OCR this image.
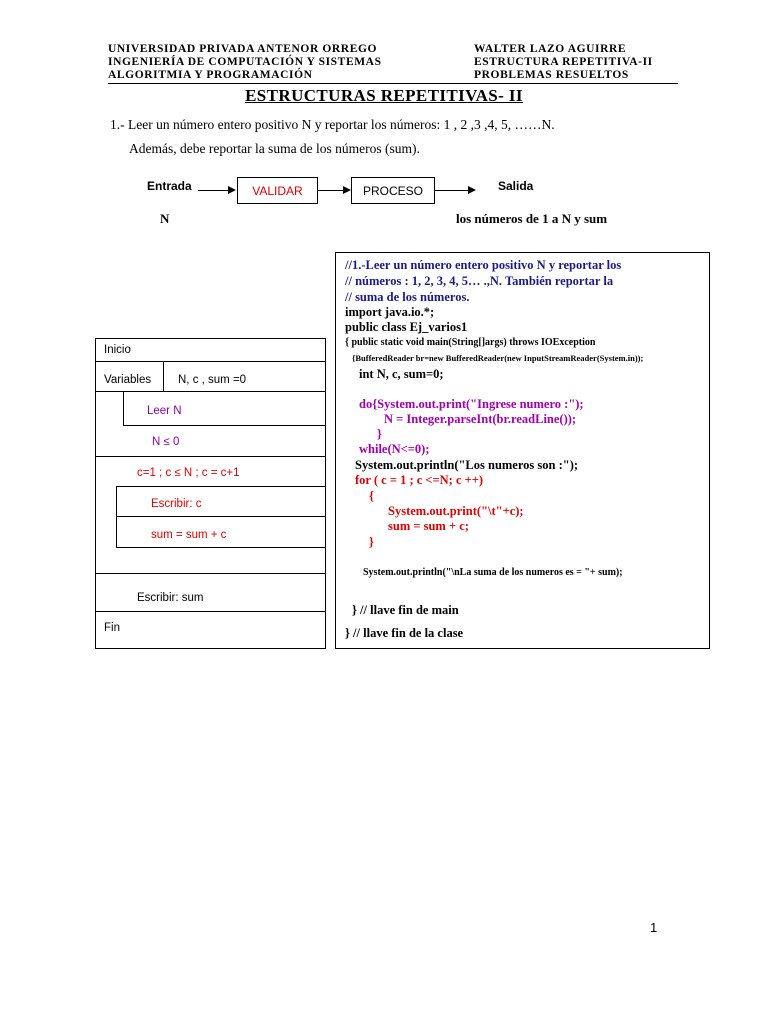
UNIVERSIDAD PRIVADA ANTENOR ORREGO
INGENIERÍA DE COMPUTACIÓN Y SISTEMAS
ALGORITMIA Y PROGRAMACIÓN
WALTER LAZO AGUIRRE
ESTRUCTURA REPETITIVA-II
PROBLEMAS RESUELTOS
ESTRUCTURAS REPETITIVAS- II
1.- Leer un número entero positivo N y reportar los números: 1 , 2 ,3 ,4, 5, ……N.
Además, debe reportar la suma de los números (sum).
Entrada	VALIDAR	PROCESO	Salida
N	los números de 1 a N y sum
Inicio
Variables N, c , sum =0
Leer N
N ≤ 0
c=1 ; c ≤ N ; c = c+1
Escribir: c
sum = sum + c
Escribir: sum
Fin
//1.-Leer un número entero positivo N y reportar los
// números : 1, 2, 3, 4, 5… .,N. También reportar la
// suma de los números.
import java.io.*;
public class Ej_varios1
{ public static void main(String[]args) throws IOException
{BufferedReader br=new BufferedReader(new InputStreamReader(System.in));
int N, c, sum=0;
do{System.out.print("Ingrese numero :");
N = Integer.parseInt(br.readLine());
}
while(N<=0);
System.out.println("Los numeros son :");
for ( c = 1 ; c <=N; c ++)
{
System.out.print("\t"+c);
sum = sum + c;
}
System.out.println("\nLa suma de los numeros es = "+ sum);
} // llave fin de main
} // llave fin de la clase
1
